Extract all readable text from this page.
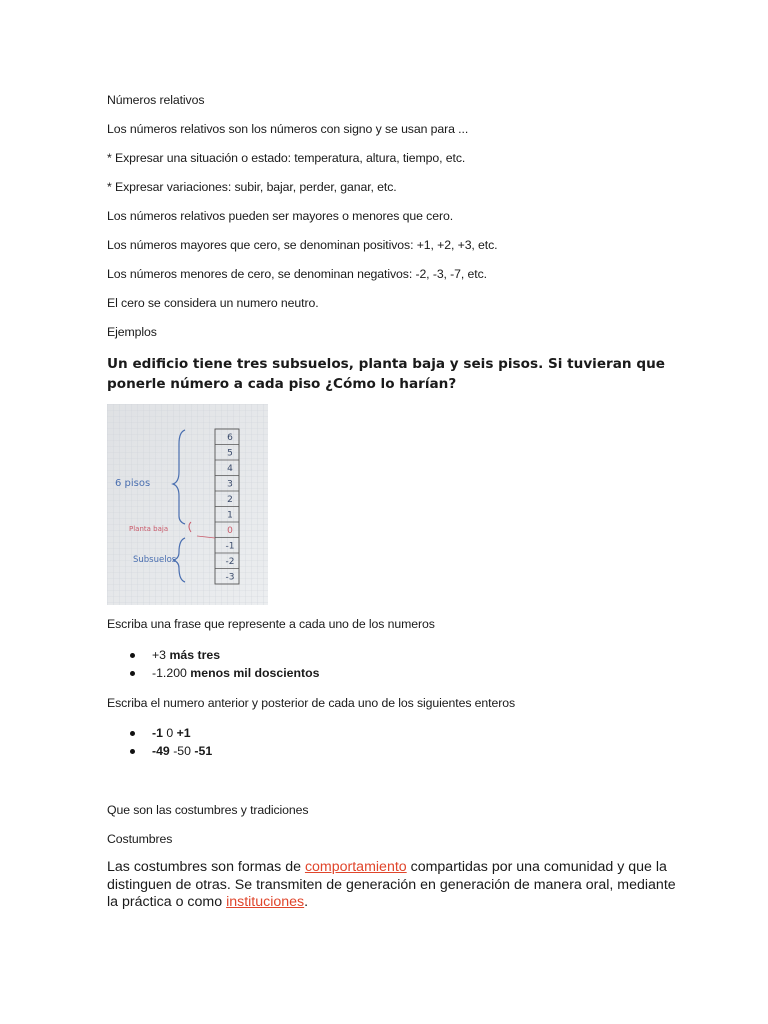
Números relativos
Los números relativos son los números con signo y se usan para ...
* Expresar una situación o estado: temperatura, altura, tiempo, etc.
* Expresar variaciones: subir, bajar, perder, ganar, etc.
Los números relativos pueden ser mayores o menores que cero.
Los números mayores que cero, se denominan positivos: +1, +2, +3, etc.
Los números menores de cero, se denominan negativos: -2, -3, -7, etc.
El cero se considera un numero neutro.
Ejemplos
Un edificio tiene tres subsuelos, planta baja y seis pisos. Si tuvieran que ponerle número a cada piso ¿Cómo lo harían?
6
5
4
3
2
1
0
-1
-2
-3
6 pisos
Planta baja
Subsuelos
Escriba una frase que represente a cada uno de los numeros
+3 más tres
-1.200 menos mil doscientos
Escriba el numero anterior y posterior de cada uno de los siguientes enteros
-1 0 +1
-49 -50 -51
Que son las costumbres y tradiciones
Costumbres
Las costumbres son formas de comportamiento compartidas por una comunidad y que la distinguen de otras. Se transmiten de generación en generación de manera oral, mediante la práctica o como instituciones.
